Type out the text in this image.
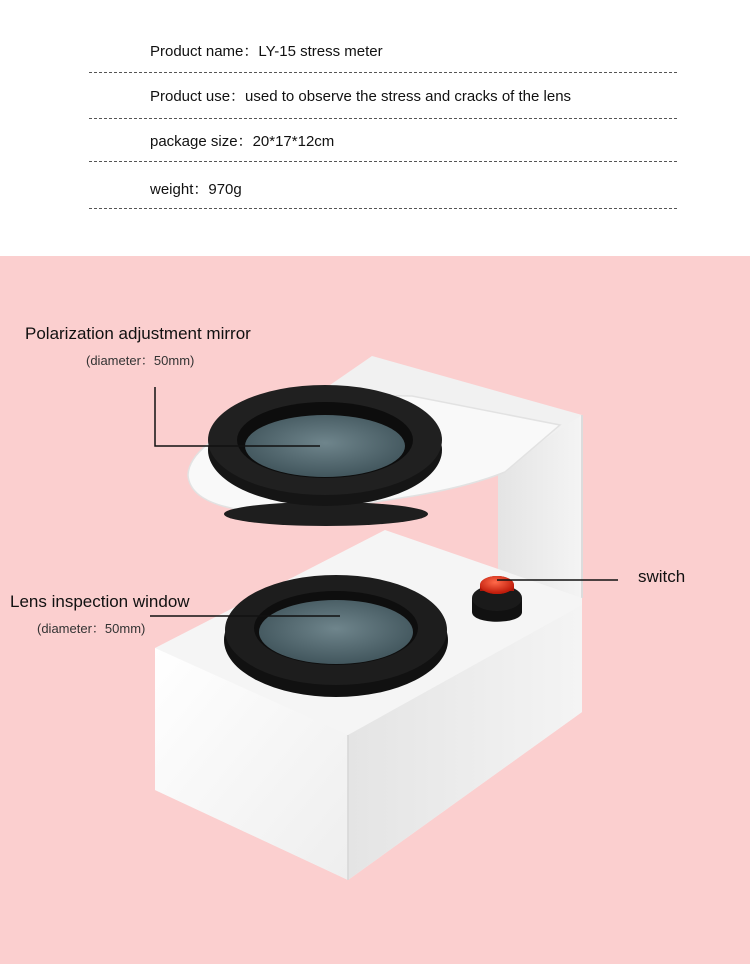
Product name：LY-15 stress meter
Product use：used to observe the stress and cracks of the lens
package size：20*17*12cm
weight：970g
Polarization adjustment mirror
(diameter：50mm)
Lens inspection window
(diameter：50mm)
switch
